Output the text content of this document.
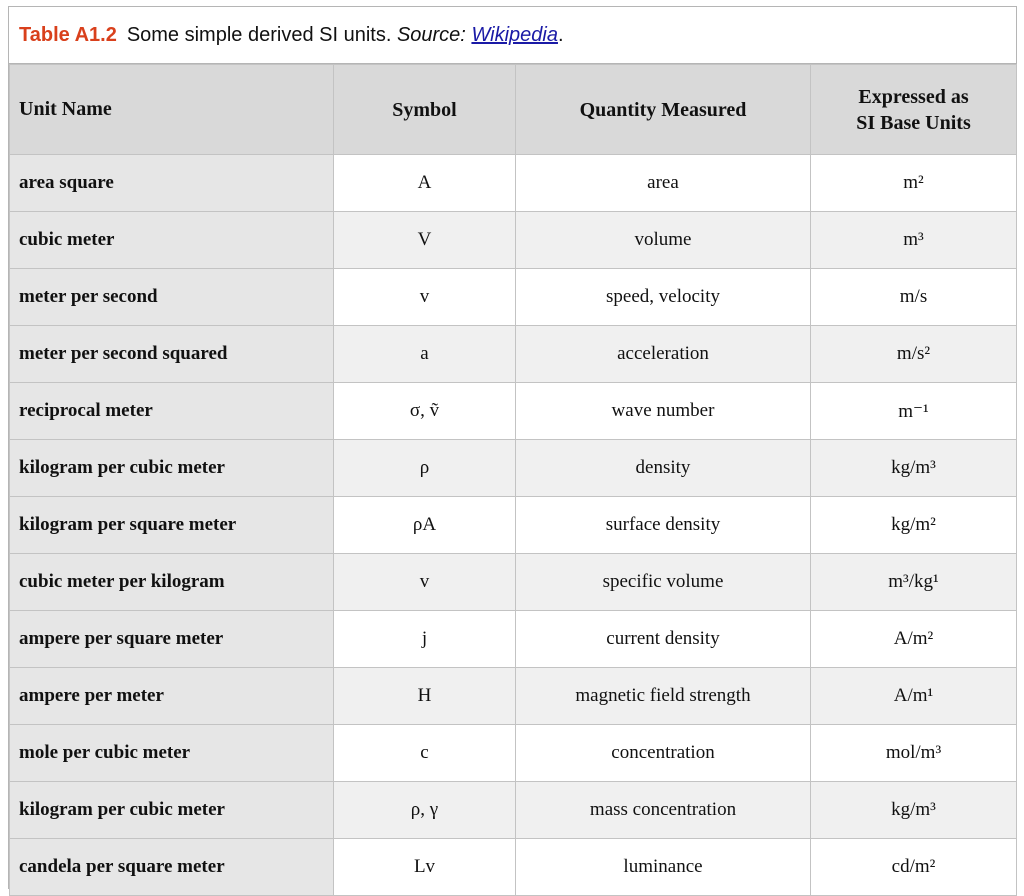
Table A1.2 Some simple derived SI units.
Source:
Wikipedia .
Unit Name	Symbol	Quantity Measured	Expressed as
SI Base Units
area square	A	area	m²
cubic meter	V	volume	m³
meter per second	v	speed, velocity	m/s
meter per second squared	a	acceleration	m/s²
reciprocal meter	σ, ṽ	wave number	m⁻¹
kilogram per cubic meter	ρ	density	kg/m³
kilogram per square meter	ρA	surface density	kg/m²
cubic meter per kilogram	v	specific volume	m³/kg¹
ampere per square meter	j	current density	A/m²
ampere per meter	H	magnetic field strength	A/m¹
mole per cubic meter	c	concentration	mol/m³
kilogram per cubic meter	ρ, γ	mass concentration	kg/m³
candela per square meter	Lv	luminance	cd/m²
